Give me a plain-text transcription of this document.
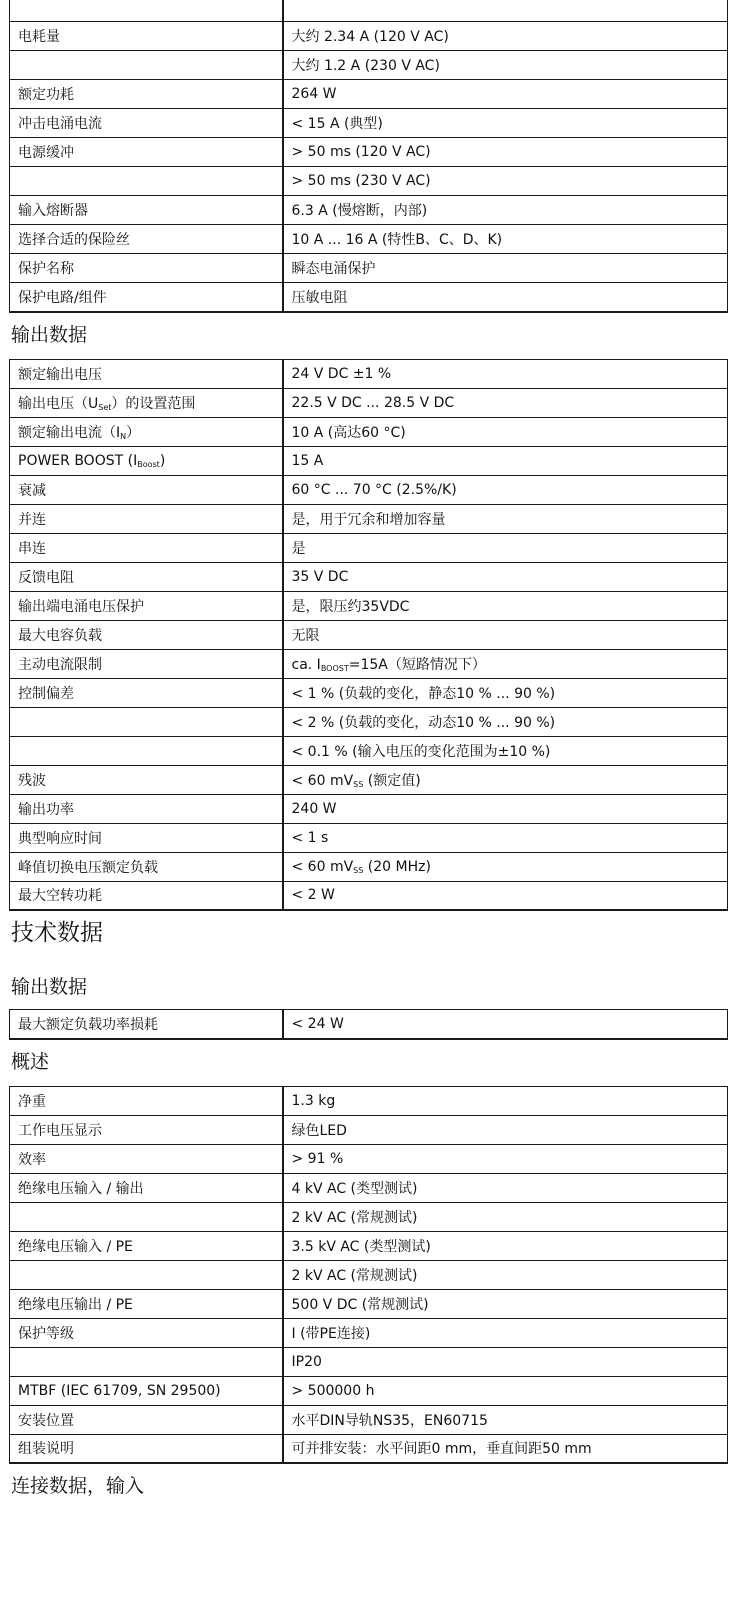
电耗量	大约 2.34 A (120 V AC)
	大约 1.2 A (230 V AC)
额定功耗	264 W
冲击电涌电流	< 15 A (典型)
电源缓冲	> 50 ms (120 V AC)
	> 50 ms (230 V AC)
输入熔断器	6.3 A (慢熔断，内部)
选择合适的保险丝	10 A ... 16 A (特性B、C、D、K)
保护名称	瞬态电涌保护
保护电路/组件	压敏电阻
输出数据
额定输出电压	24 V DC ±1 %
输出电压$(U_{Set})$的设置范围	22.5 V DC ... 28.5 V DC
额定输出电流$(I_N)$	10 A (高达60 °C)
POWER BOOST $(I_{Boost})$	15 A
衰减	60 °C ... 70 °C (2.5%/K)
并连	是，用于冗余和增加容量
串连	是
反馈电阻	35 V DC
输出端电涌电压保护	是，限压约35VDC
最大电容负载	无限
主动电流限制	ca. $I_{BOOST}=15A$（短路情况下）
控制偏差	< 1 % (负载的变化，静态10 % ... 90 %)
	< 2 % (负载的变化，动态10 % ... 90 %)
	< 0.1 % (输入电压的变化范围为±10 %)
残波	< 60 $mV_{SS}$ (额定值)
输出功率	240 W
典型响应时间	< 1 s
峰值切换电压额定负载	< 60 $mV_{SS}$ (20 MHz)
最大空转功耗	< 2 W
技术数据
输出数据
最大额定负载功率损耗	< 24 W
概述
净重	1.3 kg
工作电压显示	绿色LED
效率	> 91 %
绝缘电压输入 / 输出	4 kV AC (类型测试)
	2 kV AC (常规测试)
绝缘电压输入 / PE	3.5 kV AC (类型测试)
	2 kV AC (常规测试)
绝缘电压输出 / PE	500 V DC (常规测试)
保护等级	I (带PE连接)
	IP20
MTBF (IEC 61709, SN 29500)	> 500000 h
安装位置	水平DIN导轨NS35，EN60715
组装说明	可并排安装：水平间距0 mm，垂直间距50 mm
连接数据，输入
